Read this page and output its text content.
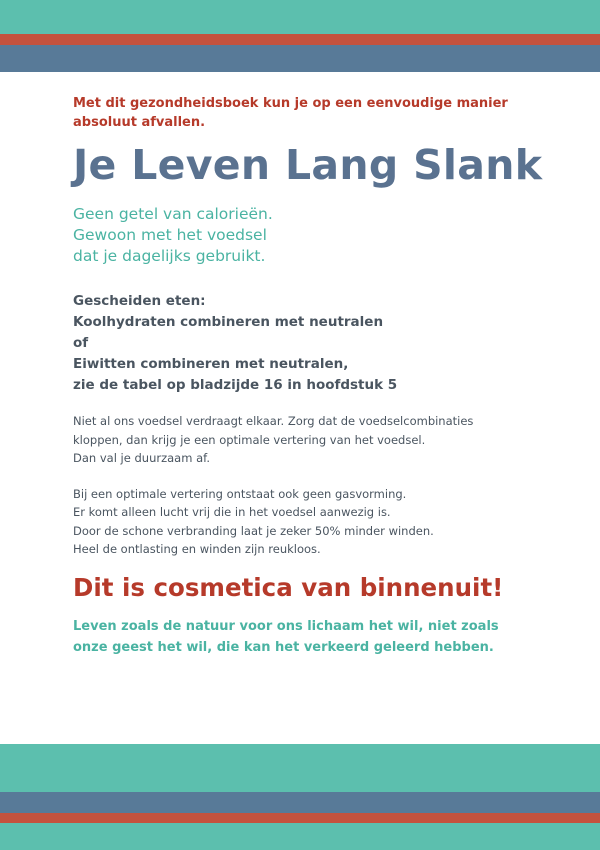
Met dit gezondheidsboek kun je op een eenvoudige manier
absoluut afvallen.

Je Leven Lang Slank

Geen getel van calorieën.
Gewoon met het voedsel
dat je dagelijks gebruikt.

Gescheiden eten:
Koolhydraten combineren met neutralen
of
Eiwitten combineren met neutralen,
zie de tabel op bladzijde 16 in hoofdstuk 5

Niet al ons voedsel verdraagt elkaar. Zorg dat de voedselcombinaties
kloppen, dan krijg je een optimale vertering van het voedsel.
Dan val je duurzaam af.

Bij een optimale vertering ontstaat ook geen gasvorming.
Er komt alleen lucht vrij die in het voedsel aanwezig is.
Door de schone verbranding laat je zeker 50% minder winden.
Heel de ontlasting en winden zijn reukloos.

Dit is cosmetica van binnenuit!

Leven zoals de natuur voor ons lichaam het wil, niet zoals
onze geest het wil, die kan het verkeerd geleerd hebben.
